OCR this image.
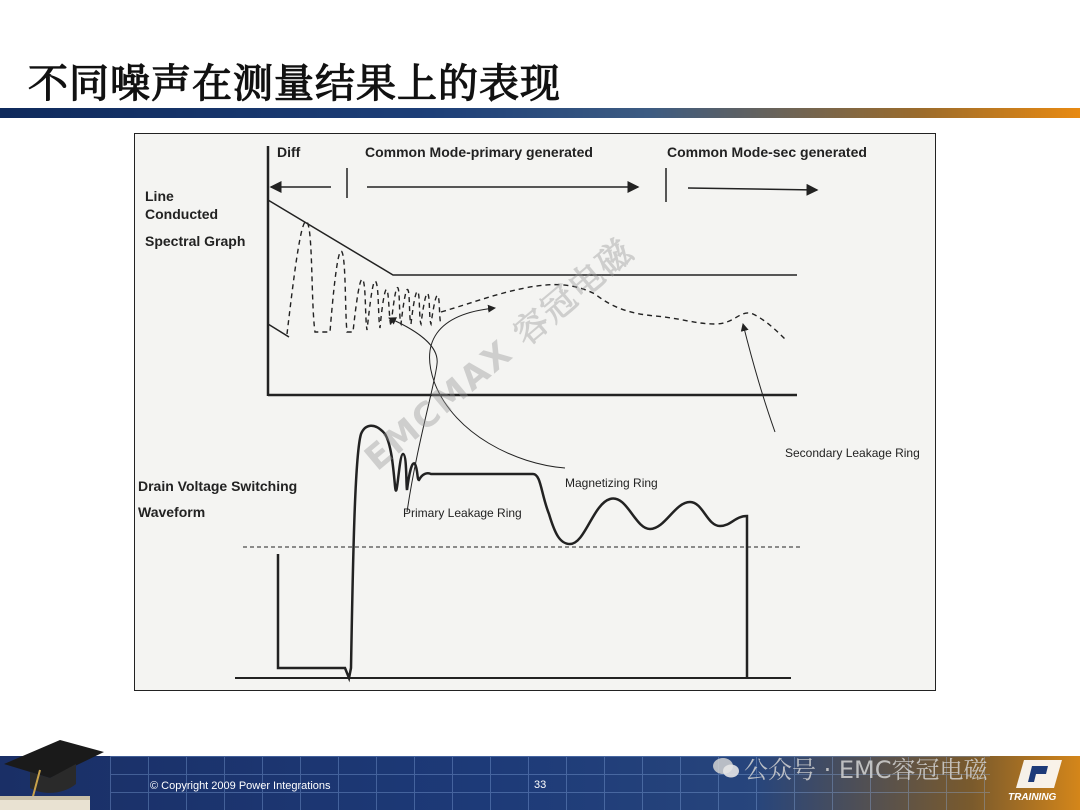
不同噪声在测量结果上的表现
Diff	Common Mode-primary generated	Common Mode-sec generated
Line
Conducted
Spectral Graph
Drain Voltage Switching
Waveform
Secondary Leakage Ring
Magnetizing Ring
Primary Leakage Ring
EMCMAX 容冠电磁
© Copyright 2009 Power Integrations	33
公众号 · EMC容冠电磁
TRAINING
